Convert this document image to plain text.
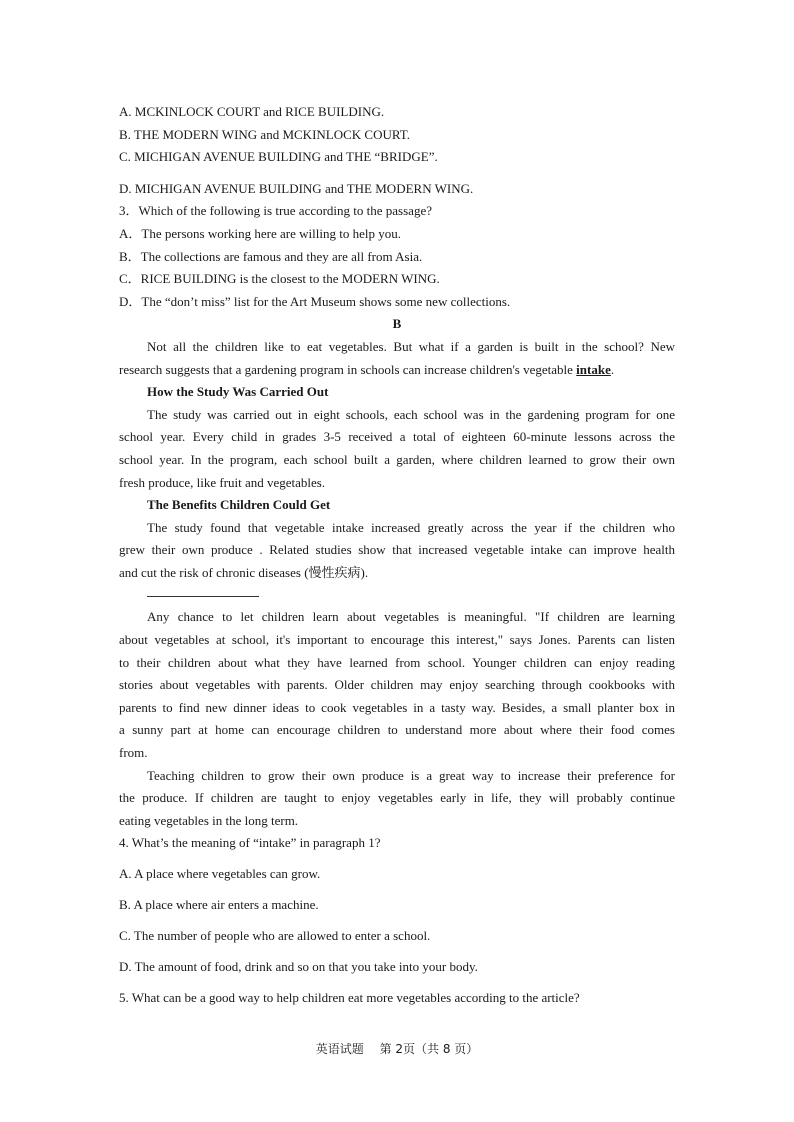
A. MCKINLOCK COURT and RICE BUILDING.
B. THE MODERN WING and MCKINLOCK COURT.
C. MICHIGAN AVENUE BUILDING and THE “BRIDGE”.
D. MICHIGAN AVENUE BUILDING and THE MODERN WING.
3．Which of the following is true according to the passage?
A．The persons working here are willing to help you.
B．The collections are famous and they are all from Asia.
C．RICE BUILDING is the closest to the MODERN WING.
D．The “don’t miss” list for the Art Museum shows some new collections.
B
Not all the children like to eat vegetables. But what if a garden is built in the school? New
research suggests that a gardening program in schools can increase children's vegetable intake.
How the Study Was Carried Out
The study was carried out in eight schools, each school was in the gardening program for one
school year. Every child in grades 3-5 received a total of eighteen 60-minute lessons across the
school year. In the program, each school built a garden, where children learned to grow their own
fresh produce, like fruit and vegetables.
The Benefits Children Could Get
The study found that vegetable intake increased greatly across the year if the children who
grew their own produce . Related studies show that increased vegetable intake can improve health
and cut the risk of chronic diseases (慢性疾病).
Any chance to let children learn about vegetables is meaningful. "If children are learning
about vegetables at school, it's important to encourage this interest," says Jones. Parents can listen
to their children about what they have learned from school. Younger children can enjoy reading
stories about vegetables with parents. Older children may enjoy searching through cookbooks with
parents to find new dinner ideas to cook vegetables in a tasty way. Besides, a small planter box in
a sunny part at home can encourage children to understand more about where their food comes
from.
Teaching children to grow their own produce is a great way to increase their preference for
the produce. If children are taught to enjoy vegetables early in life, they will probably continue
eating vegetables in the long term.
4. What’s the meaning of “intake” in paragraph 1?
A. A place where vegetables can grow.
B. A place where air enters a machine.
C. The number of people who are allowed to enter a school.
D. The amount of food, drink and so on that you take into your body.
5. What can be a good way to help children eat more vegetables according to the article?
英语试题 第 2页（共 8 页）
